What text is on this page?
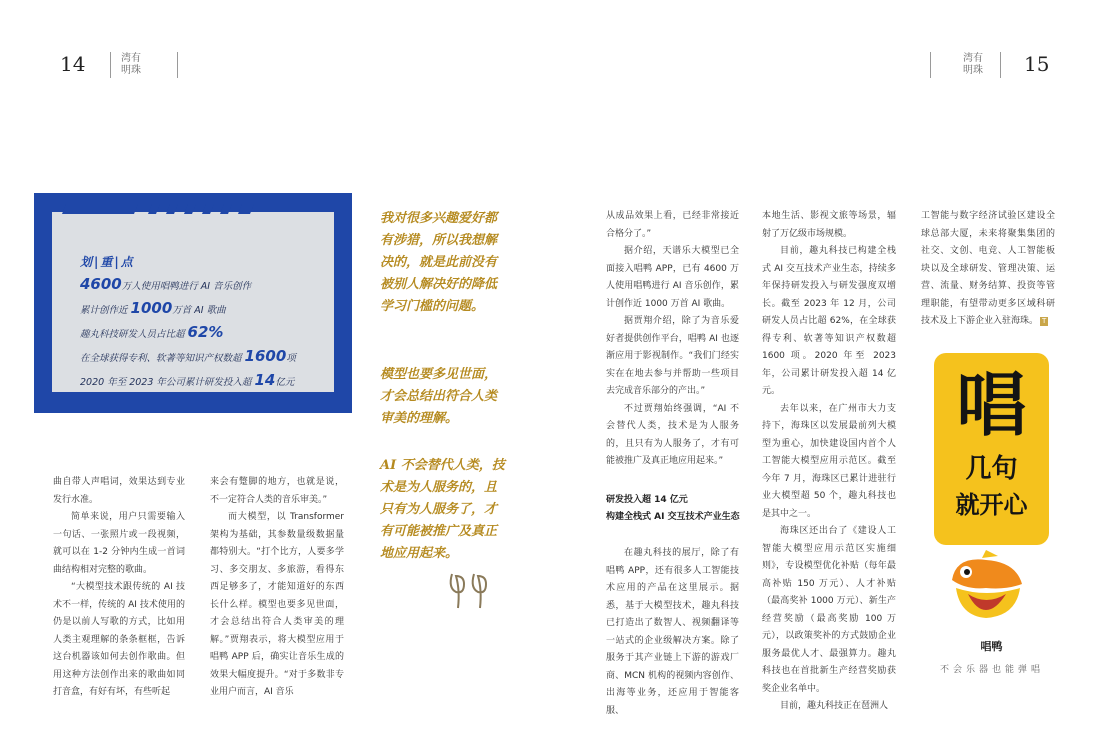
14	湾有
明珠
湾有
明珠 15
划|重|点
4600万人使用唱鸭进行 AI 音乐创作
累计创作近 1000万首 AI 歌曲
趣丸科技研发人员占比超 62%
在全球获得专利、软著等知识产权数超 1600项
2020 年至 2023 年公司累计研发投入超 14亿元
我对很多兴趣爱好都有涉猎，所以我想解决的，就是此前没有被别人解决好的降低学习门槛的问题。
模型也要多见世面，才会总结出符合人类审美的理解。
AI 不会替代人类，技术是为人服务的，且只有为人服务了，才有可能被推广及真正地应用起来。

曲自带人声唱词，效果达到专业发行水准。

简单来说，用户只需要输入一句话、一张照片或一段视频，就可以在 1-2 分钟内生成一首词曲结构相对完整的歌曲。

“大模型技术跟传统的 AI 技术不一样，传统的 AI 技术使用的仍是以前人写歌的方式，比如用人类主观理解的条条框框，告诉这台机器该如何去创作歌曲。但用这种方法创作出来的歌曲如同打音盒，有好有坏，有些听起

来会有蹩脚的地方，也就是说，不一定符合人类的音乐审美。”

而大模型，以 Transformer 架构为基础，其参数量级数据量都特别大。“打个比方，人要多学习、多交朋友、多旅游，看得东西足够多了，才能知道好的东西长什么样。模型也要多见世面，才会总结出符合人类审美的理解。”贾翔表示，将大模型应用于唱鸭 APP 后，确实让音乐生成的效果大幅度提升。“对于多数非专业用户而言，AI 音乐

从成品效果上看，已经非常接近合格分了。”

据介绍，天谱乐大模型已全面接入唱鸭 APP，已有 4600 万人使用唱鸭进行 AI 音乐创作，累计创作近 1000 万首 AI 歌曲。

据贾翔介绍，除了为音乐爱好者提供创作平台，唱鸭 AI 也逐渐应用于影视制作。“我们门经实实在在地去参与并帮助一些项目去完成音乐部分的产出。”

不过贾翔始终强调，“AI 不会替代人类，技术是为人服务的，且只有为人服务了，才有可能被推广及真正地应用起来。”

研发投入超 14 亿元
构建全栈式 AI 交互技术产业生态

在趣丸科技的展厅，除了有唱鸭 APP，还有很多人工智能技术应用的产品在这里展示。据悉，基于大模型技术，趣丸科技已打造出了数智人、视频翻译等一站式的企业级解决方案。除了服务于其产业链上下游的游戏厂商、MCN 机构的视频内容创作、出海等业务，还应用于智能客服、

本地生活、影视文旅等场景，辐射了万亿级市场规模。

目前，趣丸科技已构建全栈式 AI 交互技术产业生态，持续多年保持研发投入与研发强度双增长。截至 2023 年 12 月，公司研发人员占比超 62%，在全球获得专利、软著等知识产权数超 1600 项。2020 年至 2023 年，公司累计研发投入超 14 亿元。

去年以来，在广州市大力支持下，海珠区以发展最前列大模型为重心，加快建设国内首个人工智能大模型应用示范区。截至今年 7 月，海珠区已累计进驻行业大模型超 50 个，趣丸科技也是其中之一。

海珠区还出台了《建设人工智能大模型应用示范区实施细则》，专设模型优化补贴（每年最高补贴 150 万元）、人才补贴（最高奖补 1000 万元）、新生产经营奖励（最高奖励 100 万元），以政策奖补的方式鼓励企业服务最优人才、最强算力。趣丸科技也在首批新生产经营奖励获奖企业名单中。

目前，趣丸科技正在琶洲人

工智能与数字经济试验区建设全球总部大厦，未来将聚集集团的社交、文创、电竞、人工智能板块以及全球研发、管理决策、运营、流量、财务结算、投资等管理职能，有望带动更多区域科研技术及上下游企业入驻海珠。 T
唱
几句
就开心
唱鸭
不会乐器也能弹唱
